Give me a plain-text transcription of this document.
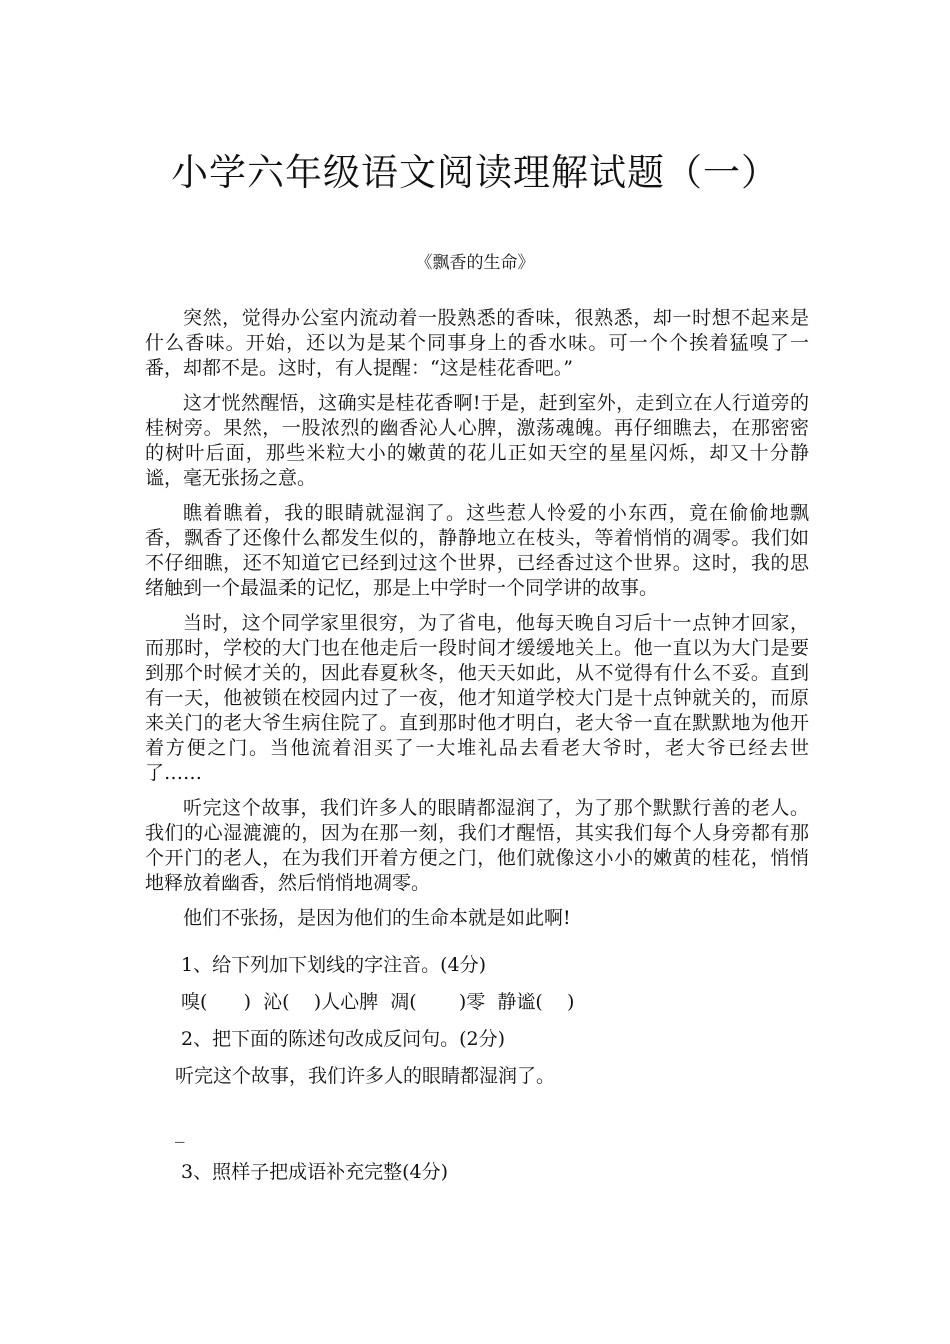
小学六年级语文阅读理解试题（一）
《飘香的生命》

突然，觉得办公室内流动着一股熟悉的香味，很熟悉，却一时想不起来是什么香味。开始，还以为是某个同事身上的香水味。可一个个挨着猛嗅了一番，却都不是。这时，有人提醒：“这是桂花香吧。”

这才恍然醒悟，这确实是桂花香啊!于是，赶到室外，走到立在人行道旁的桂树旁。果然，一股浓烈的幽香沁人心脾，激荡魂魄。再仔细瞧去，在那密密的树叶后面，那些米粒大小的嫩黄的花儿正如天空的星星闪烁，却又十分静谧，毫无张扬之意。

瞧着瞧着，我的眼睛就湿润了。这些惹人怜爱的小东西，竟在偷偷地飘香，飘香了还像什么都发生似的，静静地立在枝头，等着悄悄的凋零。我们如不仔细瞧，还不知道它已经到过这个世界，已经香过这个世界。这时，我的思绪触到一个最温柔的记忆，那是上中学时一个同学讲的故事。

当时，这个同学家里很穷，为了省电，他每天晚自习后十一点钟才回家，而那时，学校的大门也在他走后一段时间才缓缓地关上。他一直以为大门是要到那个时候才关的，因此春夏秋冬，他天天如此，从不觉得有什么不妥。直到有一天，他被锁在校园内过了一夜，他才知道学校大门是十点钟就关的，而原来关门的老大爷生病住院了。直到那时他才明白，老大爷一直在默默地为他开着方便之门。当他流着泪买了一大堆礼品去看老大爷时，老大爷已经去世了……

听完这个故事，我们许多人的眼睛都湿润了，为了那个默默行善的老人。我们的心湿漉漉的，因为在那一刻，我们才醒悟，其实我们每个人身旁都有那个开门的老人，在为我们开着方便之门，他们就像这小小的嫩黄的桂花，悄悄地释放着幽香，然后悄悄地凋零。

他们不张扬，是因为他们的生命本就是如此啊!

1、给下列加下划线的字注音。(4分)
嗅(      )  沁(    )人心脾  凋(       )零  静谧(    )
2、把下面的陈述句改成反问句。(2分)
听完这个故事，我们许多人的眼睛都湿润了。
_
3、照样子把成语补充完整(4分)
